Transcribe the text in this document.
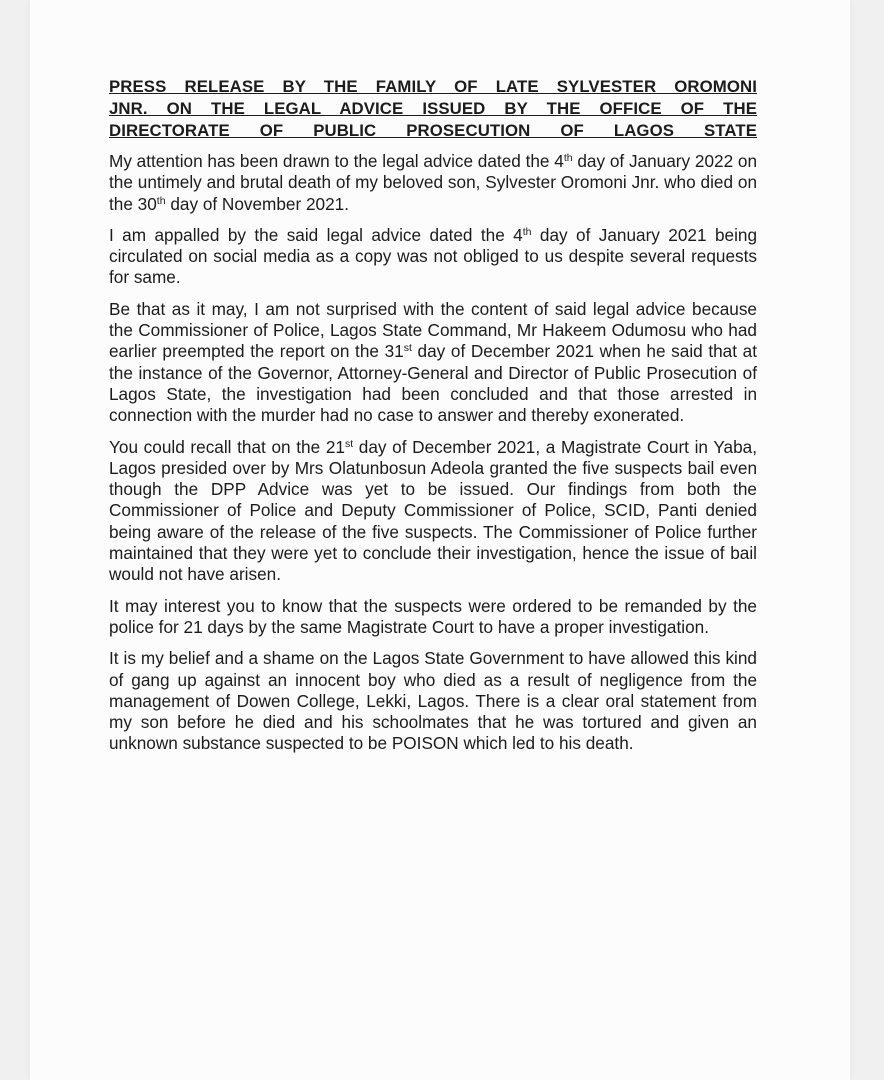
PRESS RELEASE BY THE FAMILY OF LATE SYLVESTER OROMONI
JNR. ON THE LEGAL ADVICE ISSUED BY THE OFFICE OF THE
DIRECTORATE OF PUBLIC PROSECUTION OF LAGOS STATE

My attention has been drawn to the legal advice dated the 4th day of January 2022 on the untimely and brutal death of my beloved son, Sylvester Oromoni Jnr. who died on the 30th day of November 2021.

I am appalled by the said legal advice dated the 4th day of January 2021 being circulated on social media as a copy was not obliged to us despite several requests for same.

Be that as it may, I am not surprised with the content of said legal advice because the Commissioner of Police, Lagos State Command, Mr Hakeem Odumosu who had earlier preempted the report on the 31st day of December 2021 when he said that at the instance of the Governor, Attorney-General and Director of Public Prosecution of Lagos State, the investigation had been concluded and that those arrested in connection with the murder had no case to answer and thereby exonerated.

You could recall that on the 21st day of December 2021, a Magistrate Court in Yaba, Lagos presided over by Mrs Olatunbosun Adeola granted the five suspects bail even though the DPP Advice was yet to be issued. Our findings from both the Commissioner of Police and Deputy Commissioner of Police, SCID, Panti denied being aware of the release of the five suspects. The Commissioner of Police further maintained that they were yet to conclude their investigation, hence the issue of bail would not have arisen.

It may interest you to know that the suspects were ordered to be remanded by the police for 21 days by the same Magistrate Court to have a proper investigation.

It is my belief and a shame on the Lagos State Government to have allowed this kind of gang up against an innocent boy who died as a result of negligence from the management of Dowen College, Lekki, Lagos. There is a clear oral statement from my son before he died and his schoolmates that he was tortured and given an unknown substance suspected to be POISON which led to his death.
